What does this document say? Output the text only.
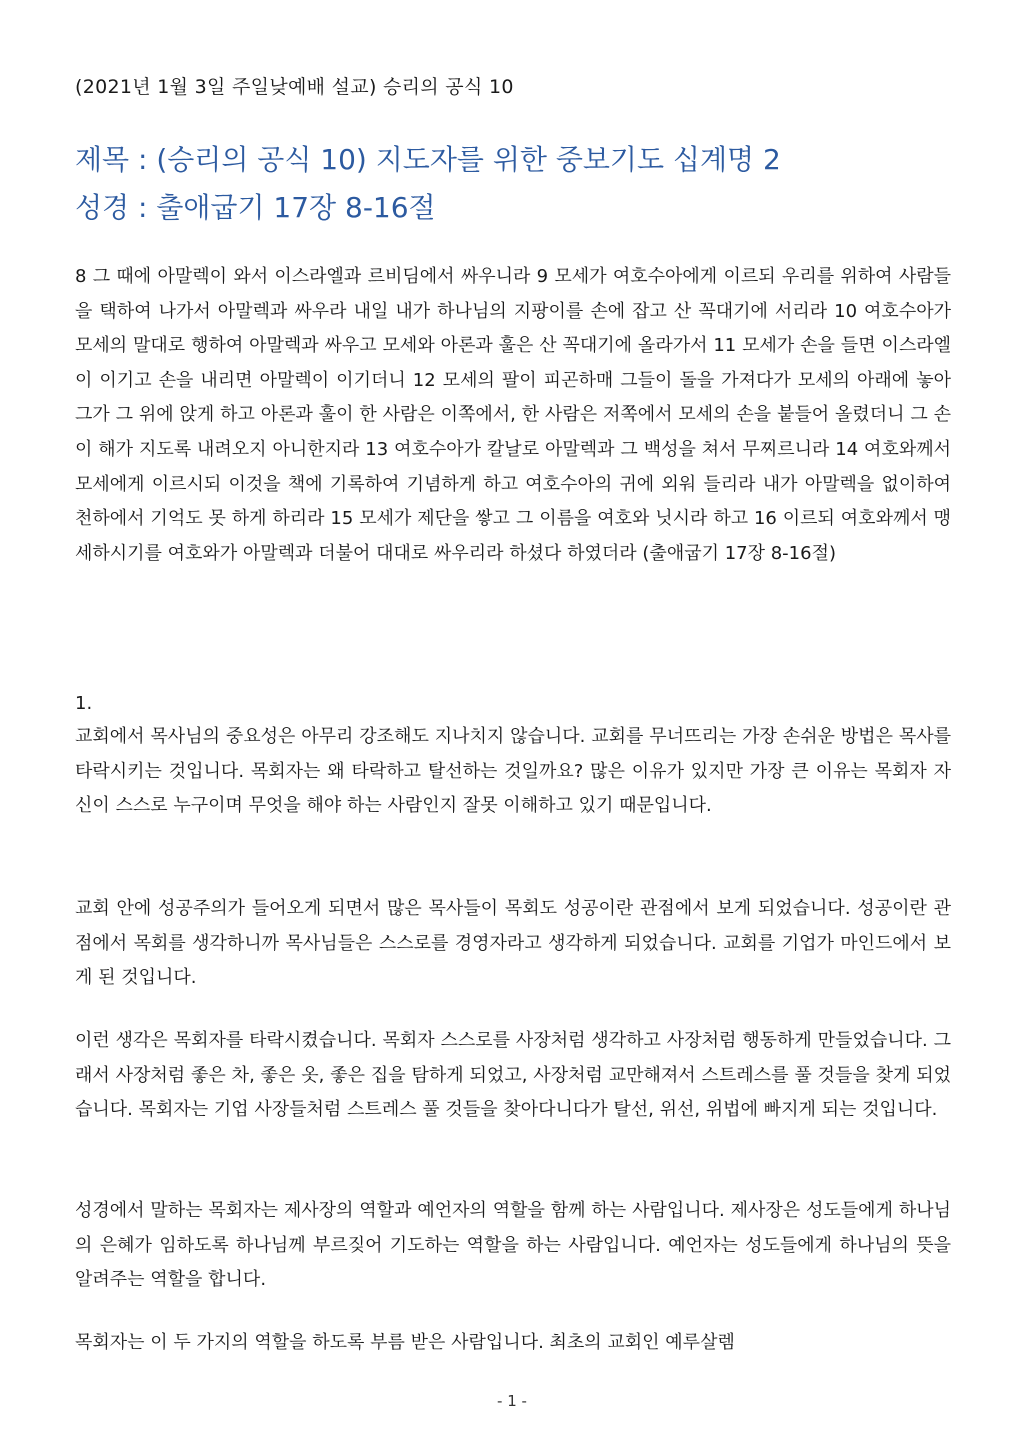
(2021년 1월 3일 주일낮예배 설교) 승리의 공식 10
제목 : (승리의 공식 10) 지도자를 위한 중보기도 십계명 2
성경 : 출애굽기 17장 8-16절

8 그 때에 아말렉이 와서 이스라엘과 르비딤에서 싸우니라 9 모세가 여호수아에게 이르되 우리를 위하여 사람들을 택하여 나가서 아말렉과 싸우라 내일 내가 하나님의 지팡이를 손에 잡고 산 꼭대기에 서리라 10 여호수아가 모세의 말대로 행하여 아말렉과 싸우고 모세와 아론과 훌은 산 꼭대기에 올라가서 11 모세가 손을 들면 이스라엘이 이기고 손을 내리면 아말렉이 이기더니 12 모세의 팔이 피곤하매 그들이 돌을 가져다가 모세의 아래에 놓아 그가 그 위에 앉게 하고 아론과 훌이 한 사람은 이쪽에서, 한 사람은 저쪽에서 모세의 손을 붙들어 올렸더니 그 손이 해가 지도록 내려오지 아니한지라 13 여호수아가 칼날로 아말렉과 그 백성을 쳐서 무찌르니라 14 여호와께서 모세에게 이르시되 이것을 책에 기록하여 기념하게 하고 여호수아의 귀에 외워 들리라 내가 아말렉을 없이하여 천하에서 기억도 못 하게 하리라 15 모세가 제단을 쌓고 그 이름을 여호와 닛시라 하고 16 이르되 여호와께서 맹세하시기를 여호와가 아말렉과 더불어 대대로 싸우리라 하셨다 하였더라 (출애굽기 17장 8-16절)

1.

교회에서 목사님의 중요성은 아무리 강조해도 지나치지 않습니다. 교회를 무너뜨리는 가장 손쉬운 방법은 목사를 타락시키는 것입니다. 목회자는 왜 타락하고 탈선하는 것일까요? 많은 이유가 있지만 가장 큰 이유는 목회자 자신이 스스로 누구이며 무엇을 해야 하는 사람인지 잘못 이해하고 있기 때문입니다.

교회 안에 성공주의가 들어오게 되면서 많은 목사들이 목회도 성공이란 관점에서 보게 되었습니다. 성공이란 관점에서 목회를 생각하니까 목사님들은 스스로를 경영자라고 생각하게 되었습니다. 교회를 기업가 마인드에서 보게 된 것입니다.

이런 생각은 목회자를 타락시켰습니다. 목회자 스스로를 사장처럼 생각하고 사장처럼 행동하게 만들었습니다. 그래서 사장처럼 좋은 차, 좋은 옷, 좋은 집을 탐하게 되었고, 사장처럼 교만해져서 스트레스를 풀 것들을 찾게 되었습니다. 목회자는 기업 사장들처럼 스트레스 풀 것들을 찾아다니다가 탈선, 위선, 위법에 빠지게 되는 것입니다.

성경에서 말하는 목회자는 제사장의 역할과 예언자의 역할을 함께 하는 사람입니다. 제사장은 성도들에게 하나님의 은혜가 임하도록 하나님께 부르짖어 기도하는 역할을 하는 사람입니다. 예언자는 성도들에게 하나님의 뜻을 알려주는 역할을 합니다.

목회자는 이 두 가지의 역할을 하도록 부름 받은 사람입니다. 최초의 교회인 예루살렘

- 1 -
